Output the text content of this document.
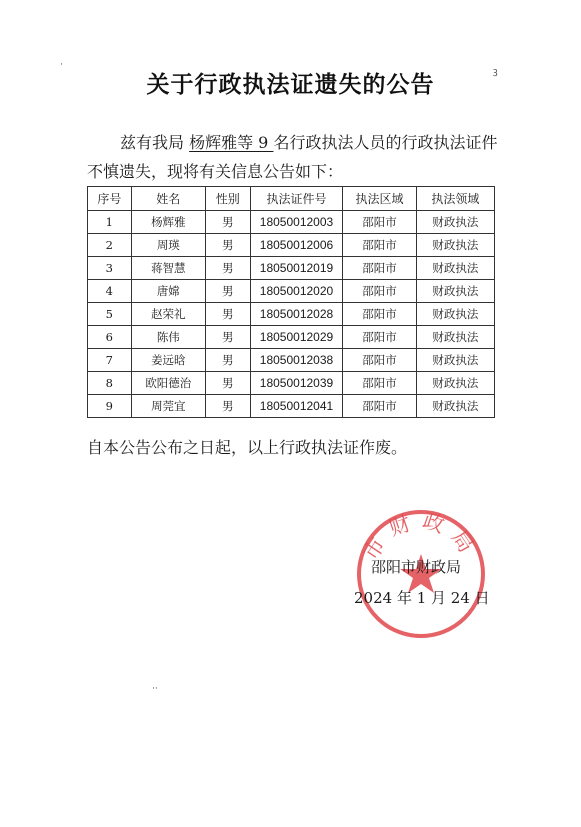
关于行政执法证遗失的公告
兹有我局 杨辉雅等 9 名行政执法人员的行政执法证件不慎遗失，现将有关信息公告如下：
序号	姓名	性别	执法证件号	执法区域	执法领域
1	杨辉雅	男	18050012003	邵阳市	财政执法
2	周瑛	男	18050012006	邵阳市	财政执法
3	蒋智慧	男	18050012019	邵阳市	财政执法
4	唐嫦	男	18050012020	邵阳市	财政执法
5	赵荣礼	男	18050012028	邵阳市	财政执法
6	陈伟	男	18050012029	邵阳市	财政执法
7	姜远晗	男	18050012038	邵阳市	财政执法
8	欧阳德治	男	18050012039	邵阳市	财政执法
9	周莞宜	男	18050012041	邵阳市	财政执法
自本公告公布之日起，以上行政执法证作废。
市财政局
邵阳市财政局
2024 年 1 月 24 日
ꝫ
··
·
